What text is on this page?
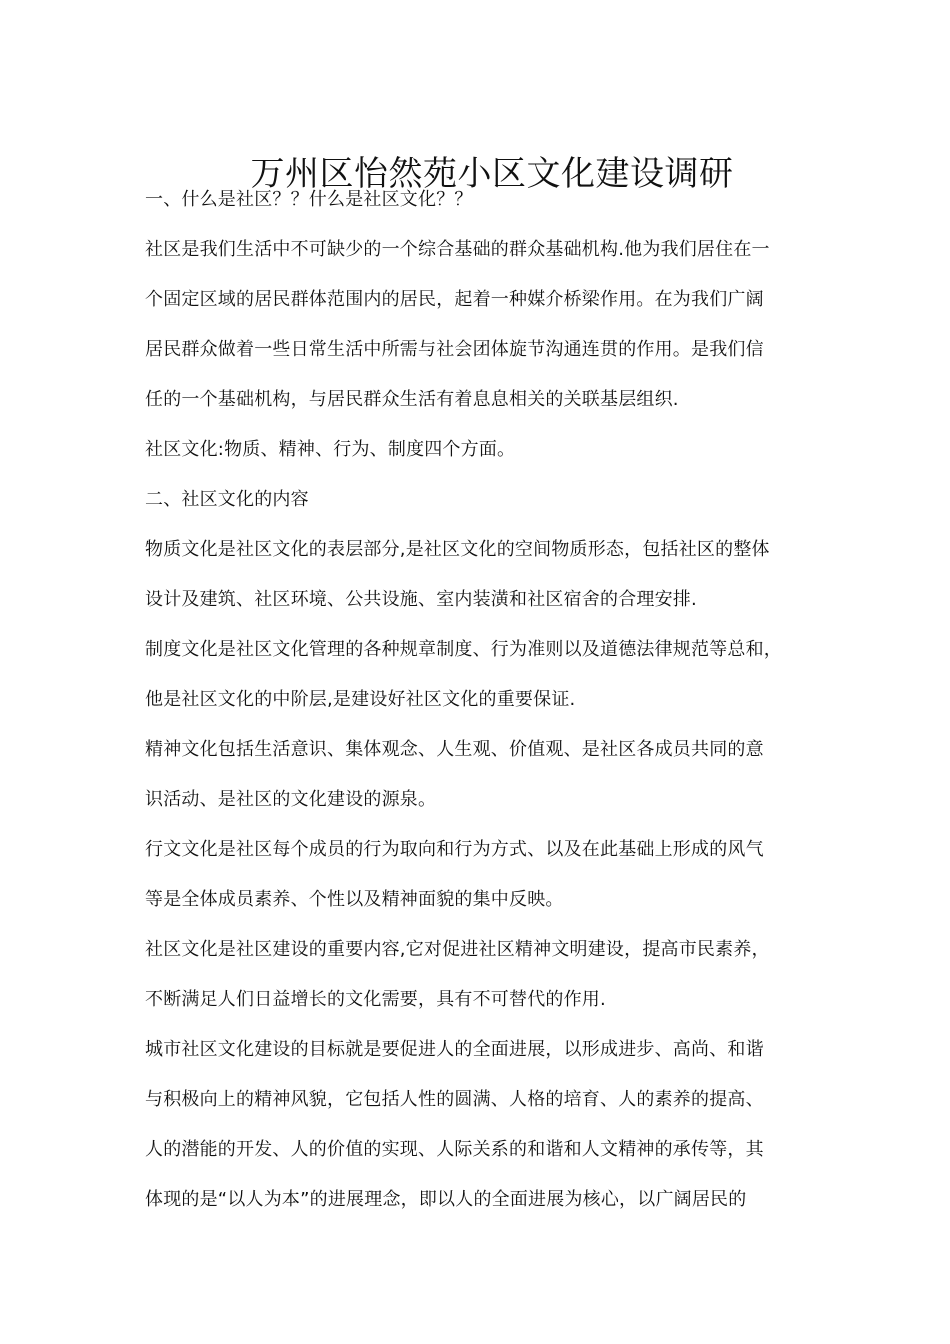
万州区怡然苑小区文化建设调研
一、什么是社区？？什么是社区文化？？
社区是我们生活中不可缺少的一个综合基础的群众基础机构.他为我们居住在一
个固定区域的居民群体范围内的居民，起着一种媒介桥梁作用。在为我们广阔
居民群众做着一些日常生活中所需与社会团体旋节沟通连贯的作用。是我们信
任的一个基础机构，与居民群众生活有着息息相关的关联基层组织.
社区文化:物质、精神、行为、制度四个方面。
二、社区文化的内容
物质文化是社区文化的表层部分,是社区文化的空间物质形态，包括社区的整体
设计及建筑、社区环境、公共设施、室内装潢和社区宿舍的合理安排.
制度文化是社区文化管理的各种规章制度、行为准则以及道德法律规范等总和，
他是社区文化的中阶层,是建设好社区文化的重要保证.
精神文化包括生活意识、集体观念、人生观、价值观、是社区各成员共同的意
识活动、是社区的文化建设的源泉。
行文文化是社区每个成员的行为取向和行为方式、以及在此基础上形成的风气
等是全体成员素养、个性以及精神面貌的集中反映。
社区文化是社区建设的重要内容,它对促进社区精神文明建设，提高市民素养，
不断满足人们日益增长的文化需要，具有不可替代的作用.
城市社区文化建设的目标就是要促进人的全面进展，以形成进步、高尚、和谐
与积极向上的精神风貌，它包括人性的圆满、人格的培育、人的素养的提高、
人的潜能的开发、人的价值的实现、人际关系的和谐和人文精神的承传等，其
体现的是“以人为本”的进展理念，即以人的全面进展为核心，以广阔居民的
